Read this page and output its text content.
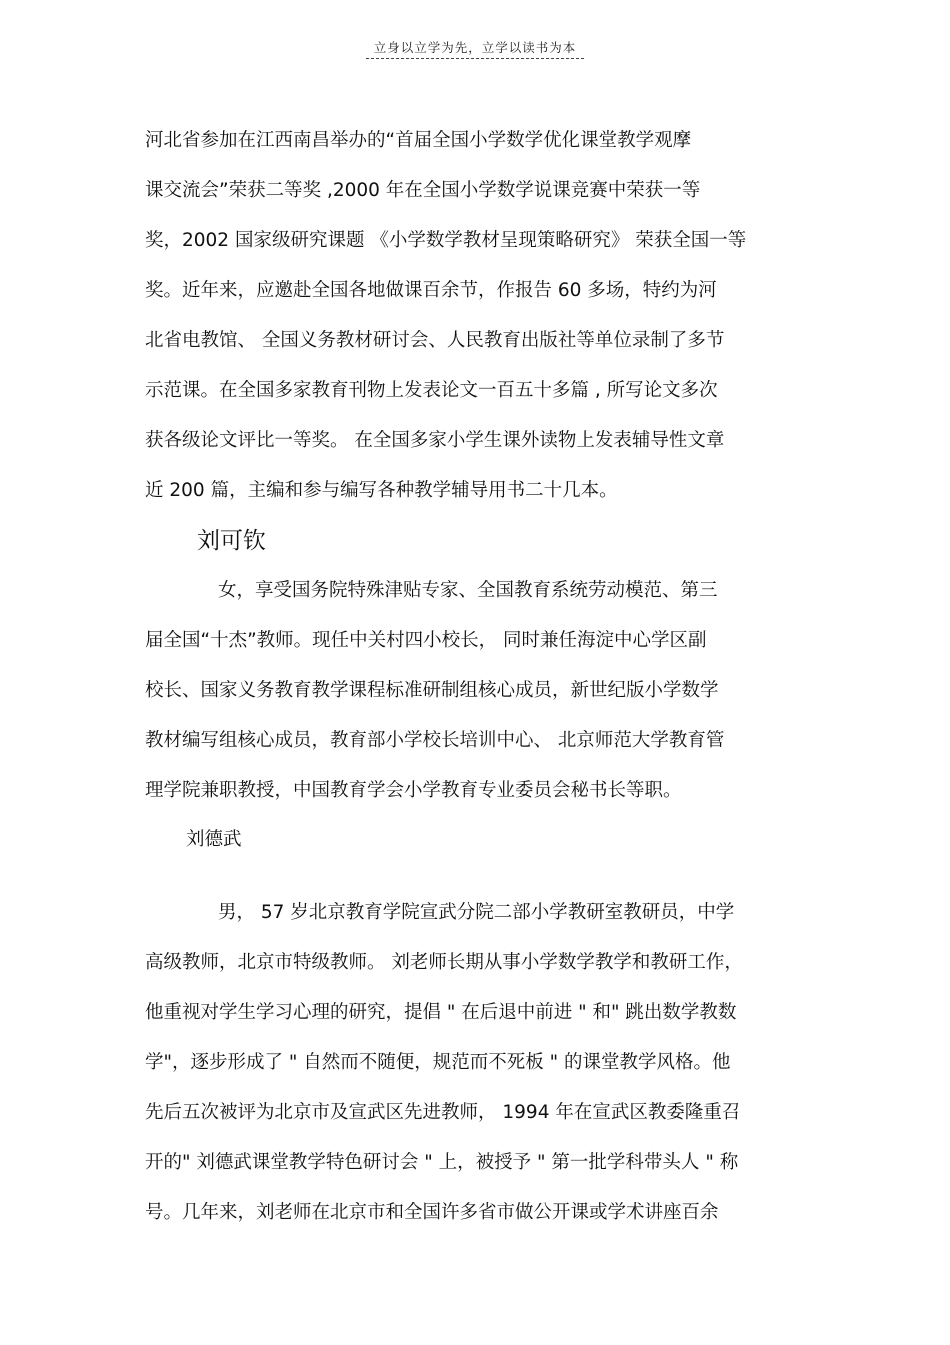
立身以立学为先，立学以读书为本
河北省参加在江西南昌举办的“首届全国小学数学优化课堂教学观摩
课交流会”荣获二等奖 ,2000 年在全国小学数学说课竞赛中荣获一等
奖，2002 国家级研究课题 《小学数学教材呈现策略研究》 荣获全国一等
奖。近年来，应邀赴全国各地做课百余节，作报告 60 多场，特约为河
北省电教馆、 全国义务教材研讨会、人民教育出版社等单位录制了多节
示范课。在全国多家教育刊物上发表论文一百五十多篇 , 所写论文多次
获各级论文评比一等奖。 在全国多家小学生课外读物上发表辅导性文章
近 200 篇，主编和参与编写各种教学辅导用书二十几本。
刘可钦
女，享受国务院特殊津贴专家、全国教育系统劳动模范、第三
届全国“十杰”教师。现任中关村四小校长， 同时兼任海淀中心学区副
校长、国家义务教育教学课程标准研制组核心成员，新世纪版小学数学
教材编写组核心成员，教育部小学校长培训中心、 北京师范大学教育管
理学院兼职教授，中国教育学会小学教育专业委员会秘书长等职。
刘德武
男， 57 岁北京教育学院宣武分院二部小学教研室教研员，中学
高级教师，北京市特级教师。 刘老师长期从事小学数学教学和教研工作，
他重视对学生学习心理的研究，提倡 " 在后退中前进 " 和" 跳出数学教数
学"，逐步形成了 " 自然而不随便，规范而不死板 " 的课堂教学风格。他
先后五次被评为北京市及宣武区先进教师， 1994 年在宣武区教委隆重召
开的" 刘德武课堂教学特色研讨会 " 上，被授予 " 第一批学科带头人 " 称
号。几年来，刘老师在北京市和全国许多省市做公开课或学术讲座百余
